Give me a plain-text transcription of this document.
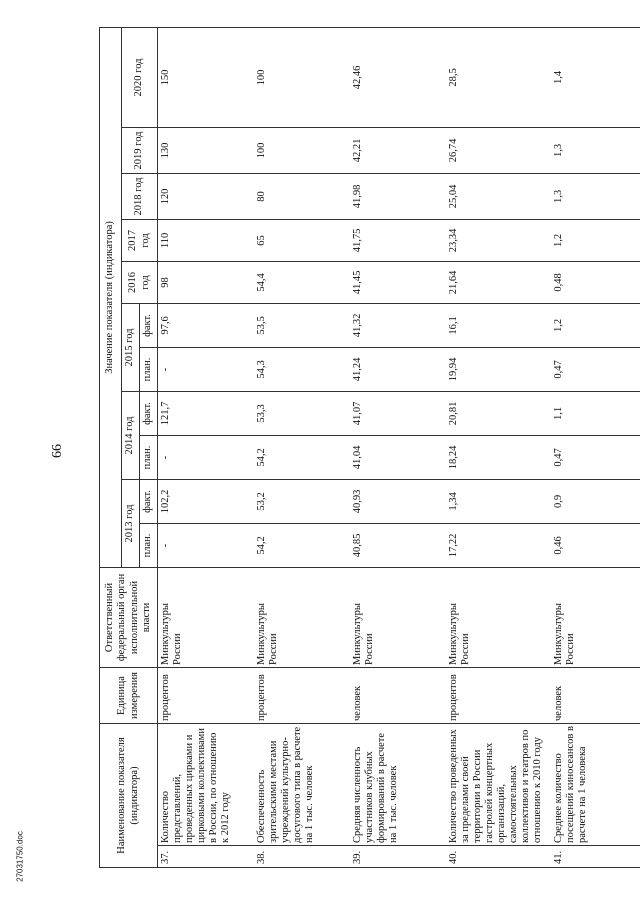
66
27031750.doc
Наименование показателя (индикатора)		Единица измерения	Ответственный федеральный орган исполнительной власти	Значение показателя (индикатора)										
				2013 год		2014 год		2015 год		2016 год	2017 год	2018 год	2019 год	2020 год
				план.	факт.	план.	факт.	план.	факт.					
37.	Количество представлений, проведенных цирками и цирковыми коллективами в России, по отношению к 2012 году	процентов	Минкультуры России	-	102,2	-	121,7	-	97,6	98	110	120	130	150
38.	Обеспеченность зрительскими местами учреждений культурно-досугового типа в расчете на 1 тыс. человек	процентов	Минкультуры России	54,2	53,2	54,2	53,3	54,3	53,5	54,4	65	80	100	100
39.	Средняя численность участников клубных формирований в расчете на 1 тыс. человек	человек	Минкультуры России	40,85	40,93	41,04	41,07	41,24	41,32	41,45	41,75	41,98	42,21	42,46
40.	Количество проведенных за пределами своей территории в России гастролей концертных организаций, самостоятельных коллективов и театров по отношению к 2010 году	процентов	Минкультуры России	17,22	1,34	18,24	20,81	19,94	16,1	21,64	23,34	25,04	26,74	28,5
41.	Среднее количество посещений киносеансов в расчете на 1 человека	человек	Минкультуры России	0,46	0,9	0,47	1,1	0,47	1,2	0,48	1,2	1,3	1,3	1,4
